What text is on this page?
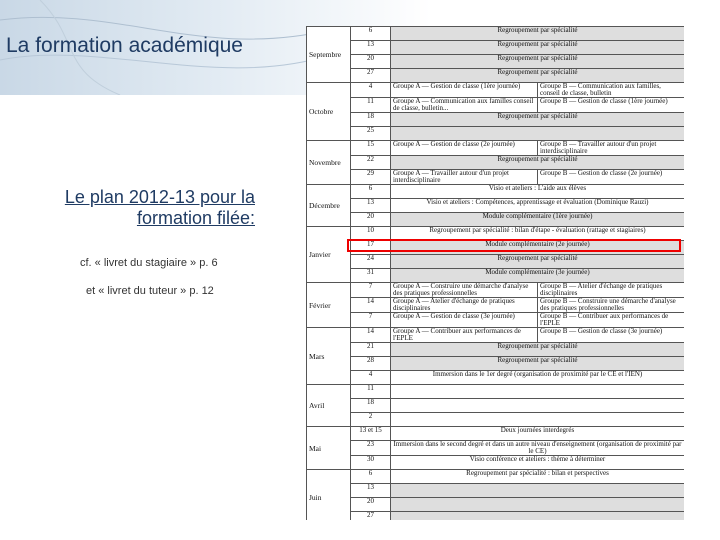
La formation académique
Le plan 2012-13 pour la formation filée:
cf. « livret du stagiaire » p. 6
et « livret du tuteur » p. 12
Septembre	6	Regroupement par spécialité	
	13	Regroupement par spécialité	
	20	Regroupement par spécialité	
	27	Regroupement par spécialité	
Octobre	4	Groupe A — Gestion de classe (1ère journée)	Groupe B — Communication aux familles, conseil de classe, bulletin
	11	Groupe A — Communication aux familles conseil de classe, bulletin...	Groupe B — Gestion de classe (1ère journée)
	18	Regroupement par spécialité	
	25		
Novembre	15	Groupe A — Gestion de classe (2e journée)	Groupe B — Travailler autour d'un projet interdisciplinaire
	22	Regroupement par spécialité	
	29	Groupe A — Travailler autour d'un projet interdisciplinaire	Groupe B — Gestion de classe (2e journée)
Décembre	6	Visio et ateliers : L'aide aux élèves	
	13	Visio et ateliers : Compétences, apprentissage et évaluation (Dominique Rauzi)	
	20	Module complémentaire (1ère journée)	
Janvier	10	Regroupement par spécialité : bilan d'étape - évaluation (rattage et stagiaires)	
	17	Module complémentaire (2e journée)	
	24	Regroupement par spécialité	
	31	Module complémentaire (3e journée)	
Février	7	Groupe A — Construire une démarche d'analyse des pratiques professionnelles	Groupe B — Atelier d'échange de pratiques disciplinaires
	14	Groupe A — Atelier d'échange de pratiques disciplinaires	Groupe B — Construire une démarche d'analyse des pratiques professionnelles
	7	Groupe A — Gestion de classe (3e journée)	Groupe B — Contribuer aux performances de l'EPLE
Mars	14	Groupe A — Contribuer aux performances de l'EPLE	Groupe B — Gestion de classe (3e journée)
	21	Regroupement par spécialité	
	28	Regroupement par spécialité	
	4	Immersion dans le 1er degré (organisation de proximité par le CE et l'IEN)	
Avril	11		
	18		
	2		
Mai	13 et 15	Deux journées interdegrés	
	23	Immersion dans le second degré et dans un autre niveau d'enseignement (organisation de proximité par le CE)	
	30	Visio conférence et ateliers : thème à déterminer	
Juin	6	Regroupement par spécialité : bilan et perspectives	
	13		
	20		
	27		
